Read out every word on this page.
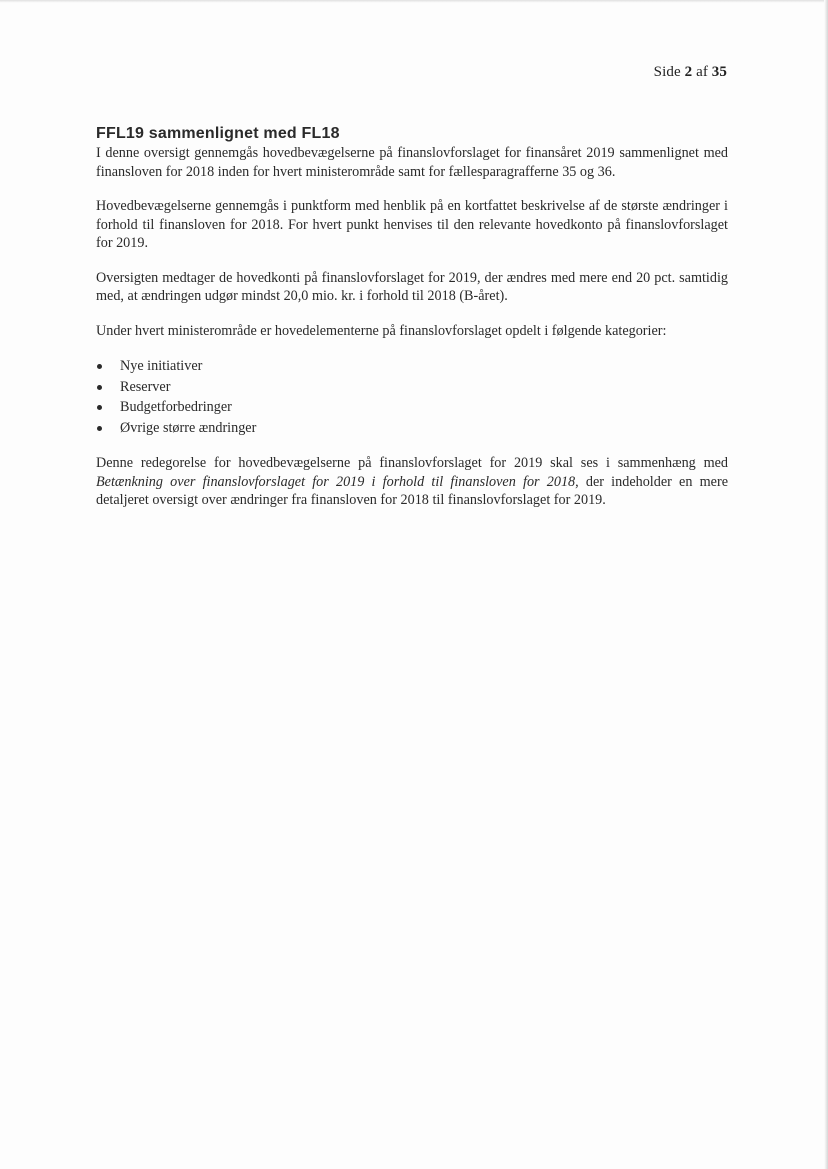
Side 2 af 35
FFL19 sammenlignet med FL18

I denne oversigt gennemgås hovedbevægelserne på finanslovforslaget for finansåret 2019 sammenlignet med finansloven for 2018 inden for hvert ministerområde samt for fællesparagrafferne 35 og 36.

Hovedbevægelserne gennemgås i punktform med henblik på en kortfattet beskrivelse af de største ændringer i forhold til finansloven for 2018. For hvert punkt henvises til den relevante hovedkonto på finanslovforslaget for 2019.

Oversigten medtager de hovedkonti på finanslovforslaget for 2019, der ændres med mere end 20 pct. samtidig med, at ændringen udgør mindst 20,0 mio. kr. i forhold til 2018 (B-året).

Under hvert ministerområde er hovedelementerne på finanslovforslaget opdelt i følgende kategorier:

Nye initiativer
Reserver
Budgetforbedringer
Øvrige større ændringer

Denne redegorelse for hovedbevægelserne på finanslovforslaget for 2019 skal ses i sammenhæng med Betænkning over finanslovforslaget for 2019 i forhold til finansloven for 2018, der indeholder en mere detaljeret oversigt over ændringer fra finansloven for 2018 til finanslovforslaget for 2019.
